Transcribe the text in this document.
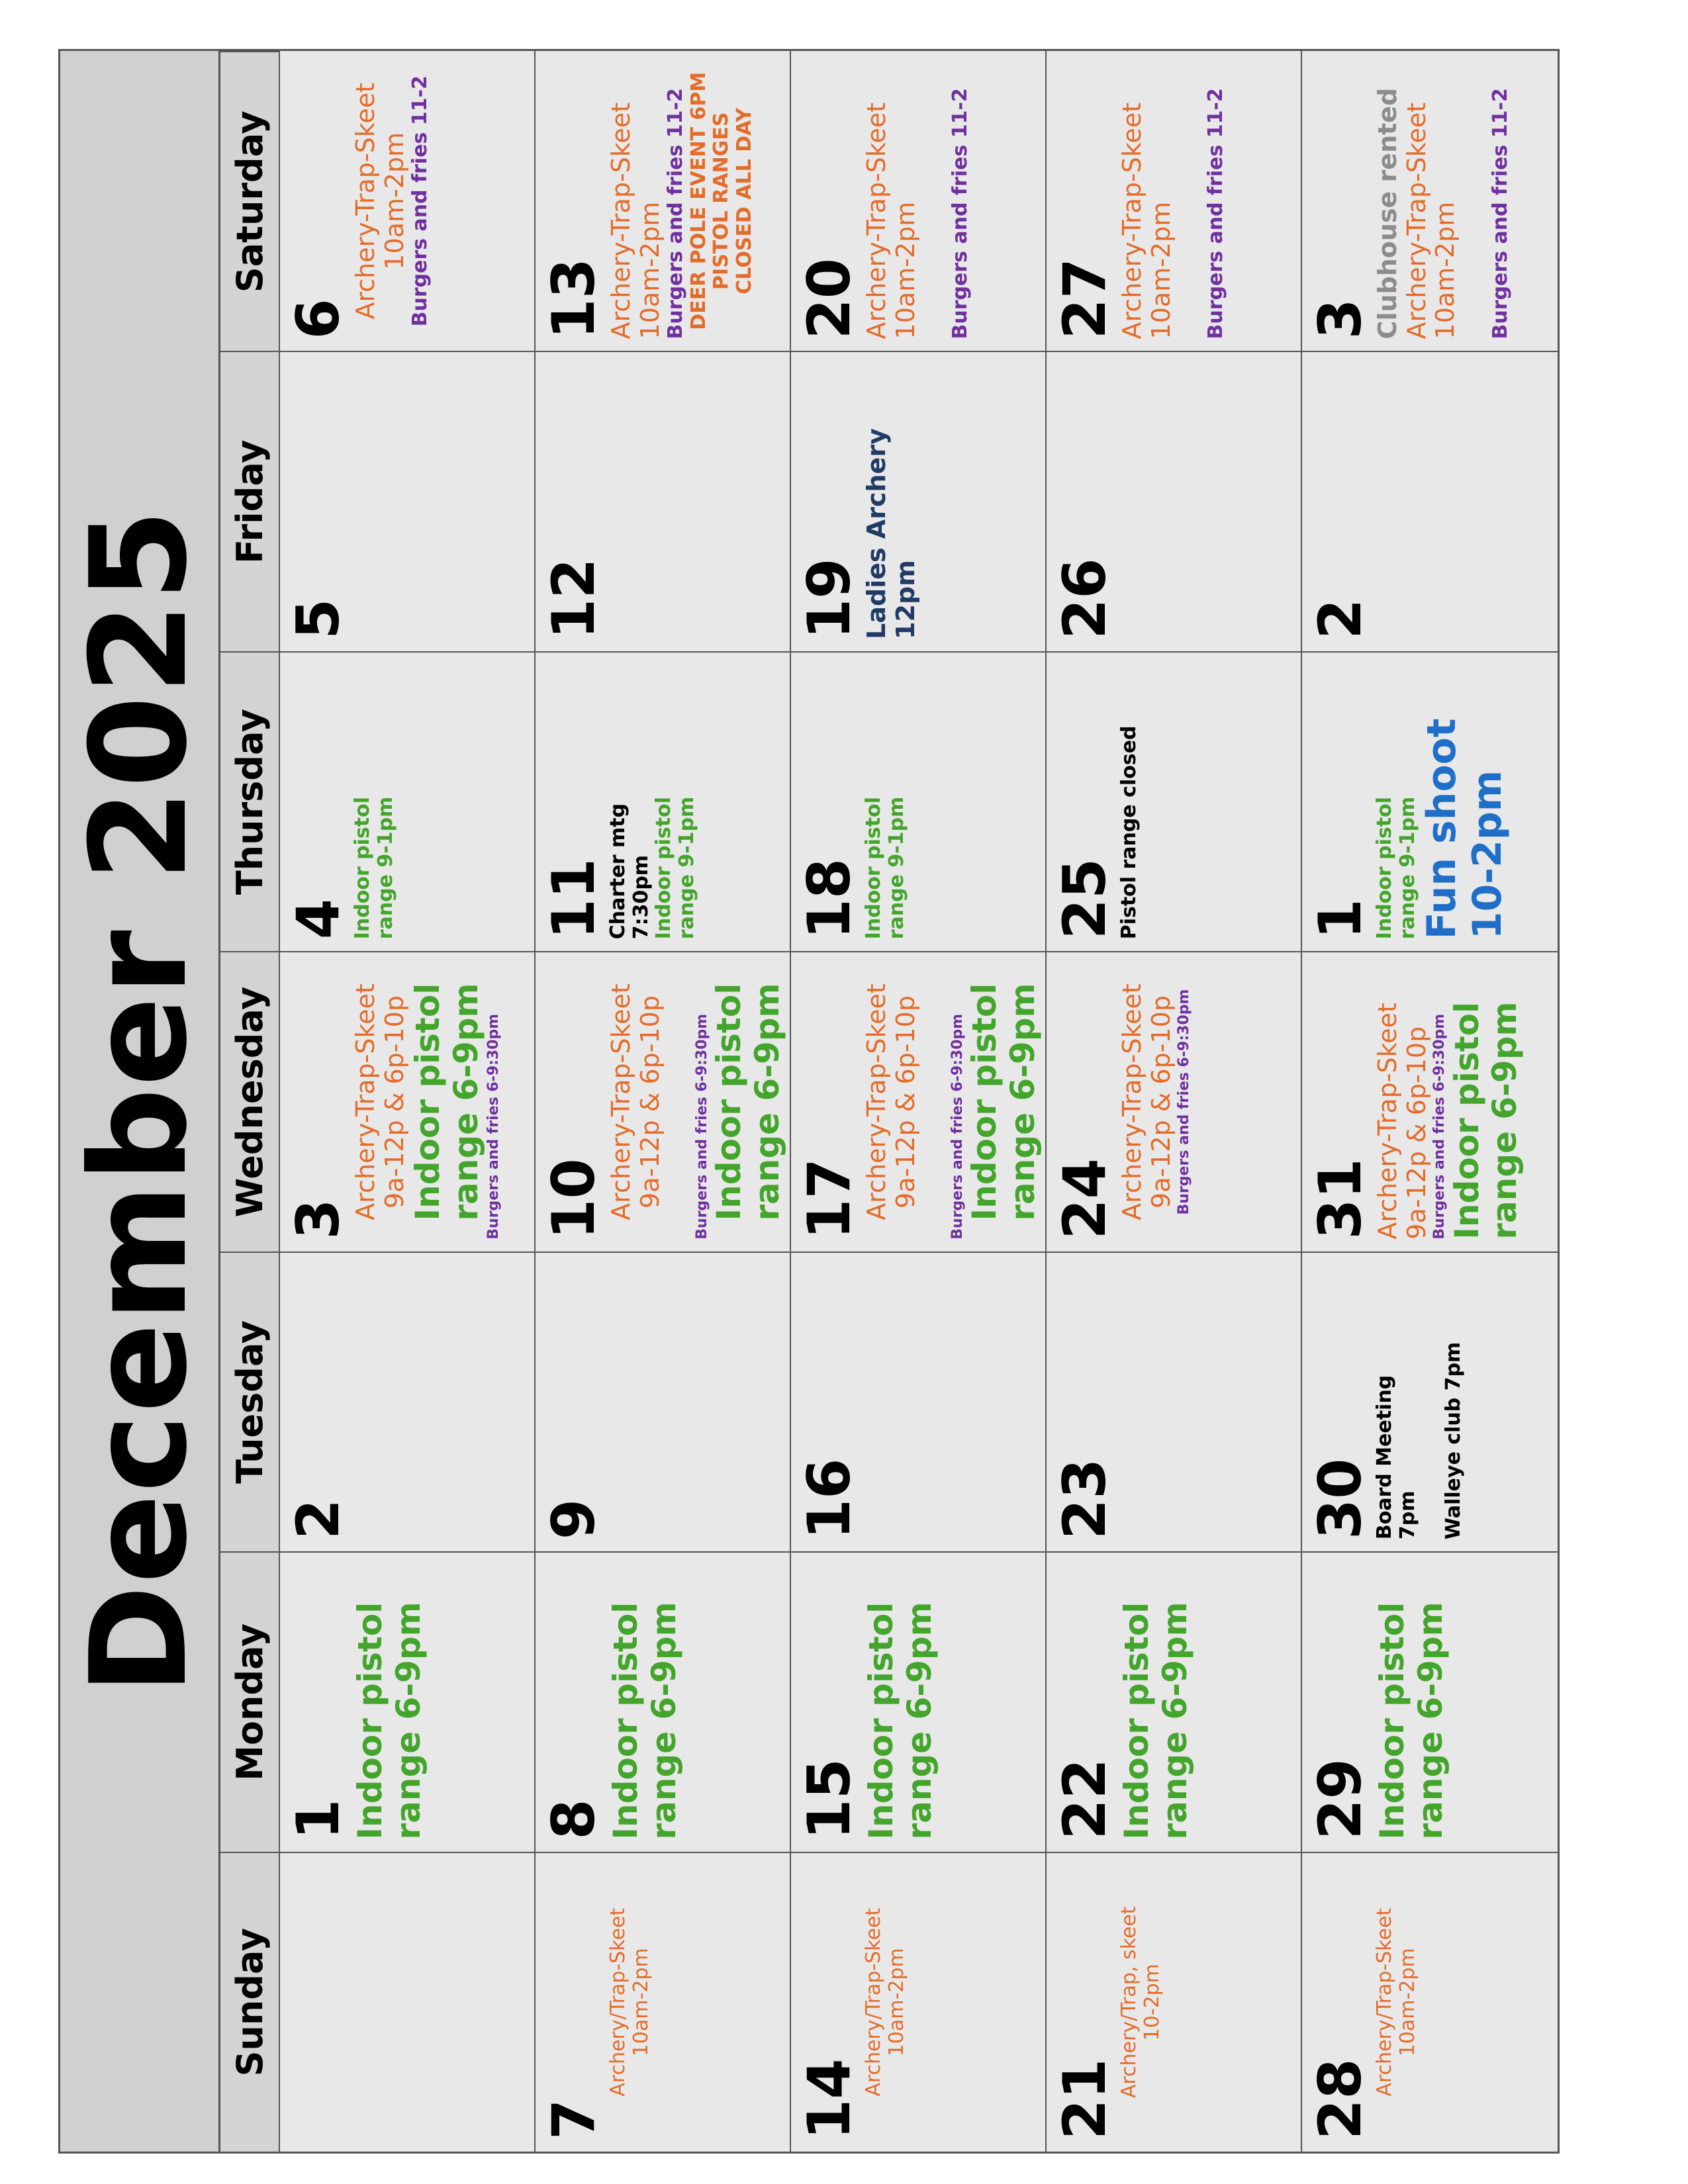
December 2025
Sunday
Monday
Tuesday
Wednesday
Thursday
Friday
Saturday
1
Indoor pistol range 6-9pm
2
3
Archery-Trap-Skeet 9a-12p & 6p-10p Indoor pistol range 6-9pm Burgers and fries 6-9:30pm
4
Indoor pistol range 9-1pm
5
6
Archery-Trap-Skeet 10am-2pm Burgers and fries 11-2
7
Archery/Trap-Skeet 10am-2pm
8
Indoor pistol range 6-9pm
9
10
Archery-Trap-Skeet 9a-12p & 6p-10p
Burgers and fries 6-9:30pm Indoor pistol range 6-9pm
11
Charter mtg 7:30pm Indoor pistol range 9-1pm
12
13
Archery-Trap-Skeet 10am-2pm Burgers and fries 11-2 DEER POLE EVENT 6PM PISTOL RANGES CLOSED ALL DAY
14
Archery/Trap-Skeet 10am-2pm
15
Indoor pistol range 6-9pm
16
17
Archery-Trap-Skeet 9a-12p & 6p-10p
Burgers and fries 6-9:30pm Indoor pistol range 6-9pm
18
Indoor pistol range 9-1pm
19
Ladies Archery 12pm
20
Archery-Trap-Skeet 10am-2pm
Burgers and fries 11-2
21
Archery/Trap, skeet 10-2pm
22
Indoor pistol range 6-9pm
23
24
Archery-Trap-Skeet 9a-12p & 6p-10p Burgers and fries 6-9:30pm
25
Pistol range closed
26
27
Archery-Trap-Skeet 10am-2pm
Burgers and fries 11-2
28
Archery/Trap-Skeet 10am-2pm
29
Indoor pistol range 6-9pm
30
Board Meeting 7pm
Walleye club 7pm
31
Archery-Trap-Skeet 9a-12p & 6p-10p Burgers and fries 6-9:30pm Indoor pistol range 6-9pm
1
Indoor pistol range 9-1pm Fun shoot 10-2pm
2
3
Clubhouse rented Archery-Trap-Skeet 10am-2pm
Burgers and fries 11-2
